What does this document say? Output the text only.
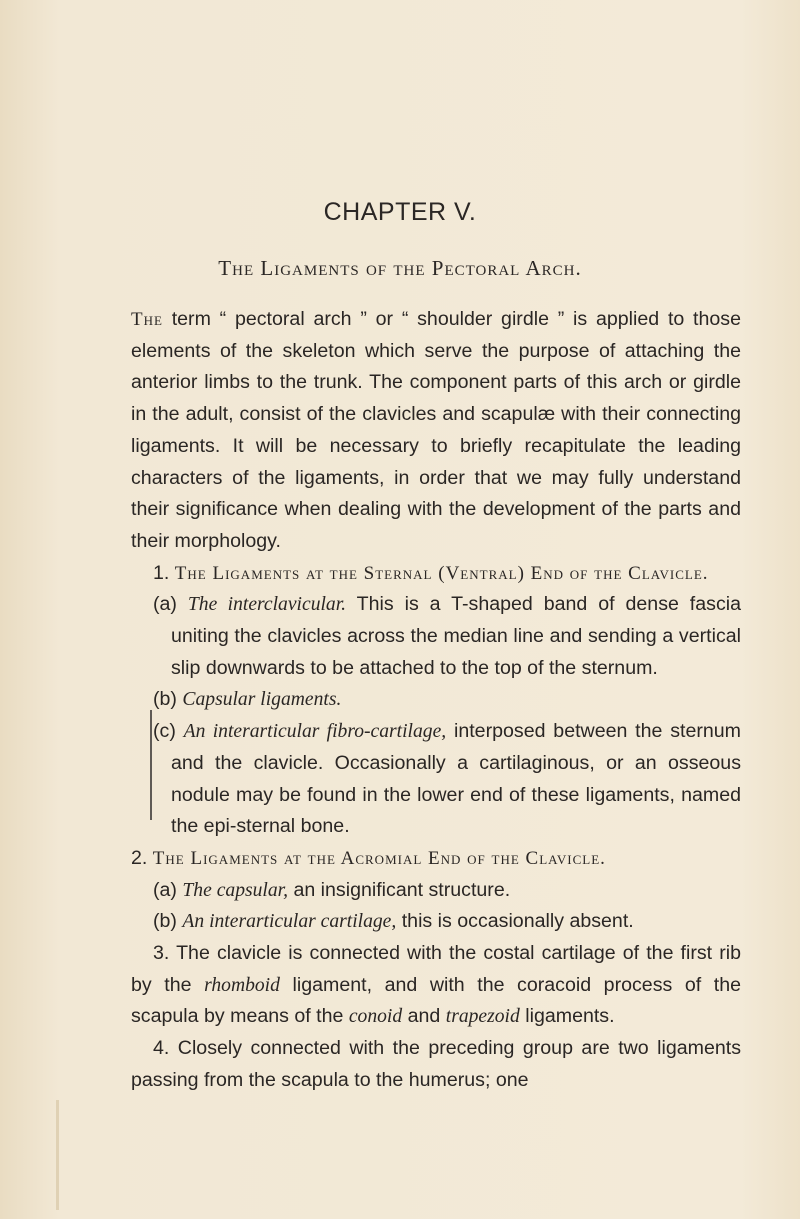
CHAPTER V.
The Ligaments of the Pectoral Arch.

The term “ pectoral arch ” or “ shoulder girdle ” is applied to those elements of the skeleton which serve the purpose of attaching the anterior limbs to the trunk. The component parts of this arch or girdle in the adult, consist of the clavicles and scapulæ with their connecting ligaments. It will be necessary to briefly recapitulate the leading characters of the ligaments, in order that we may fully understand their significance when dealing with the development of the parts and their morphology.

1. The Ligaments at the Sternal (Ventral) End of the Clavicle.

(a) The interclavicular. This is a T-shaped band of dense fascia uniting the clavicles across the median line and sending a vertical slip downwards to be attached to the top of the sternum.

(b) Capsular ligaments.

(c) An interarticular fibro-cartilage, interposed between the sternum and the clavicle. Occasionally a cartilaginous, or an osseous nodule may be found in the lower end of these ligaments, named the epi-sternal bone.

2. The Ligaments at the Acromial End of the Clavicle.

(a) The capsular, an insignificant structure.

(b) An interarticular cartilage, this is occasionally absent.

3. The clavicle is connected with the costal cartilage of the first rib by the rhomboid ligament, and with the coracoid process of the scapula by means of the conoid and trapezoid ligaments.

4. Closely connected with the preceding group are two ligaments passing from the scapula to the humerus; one
